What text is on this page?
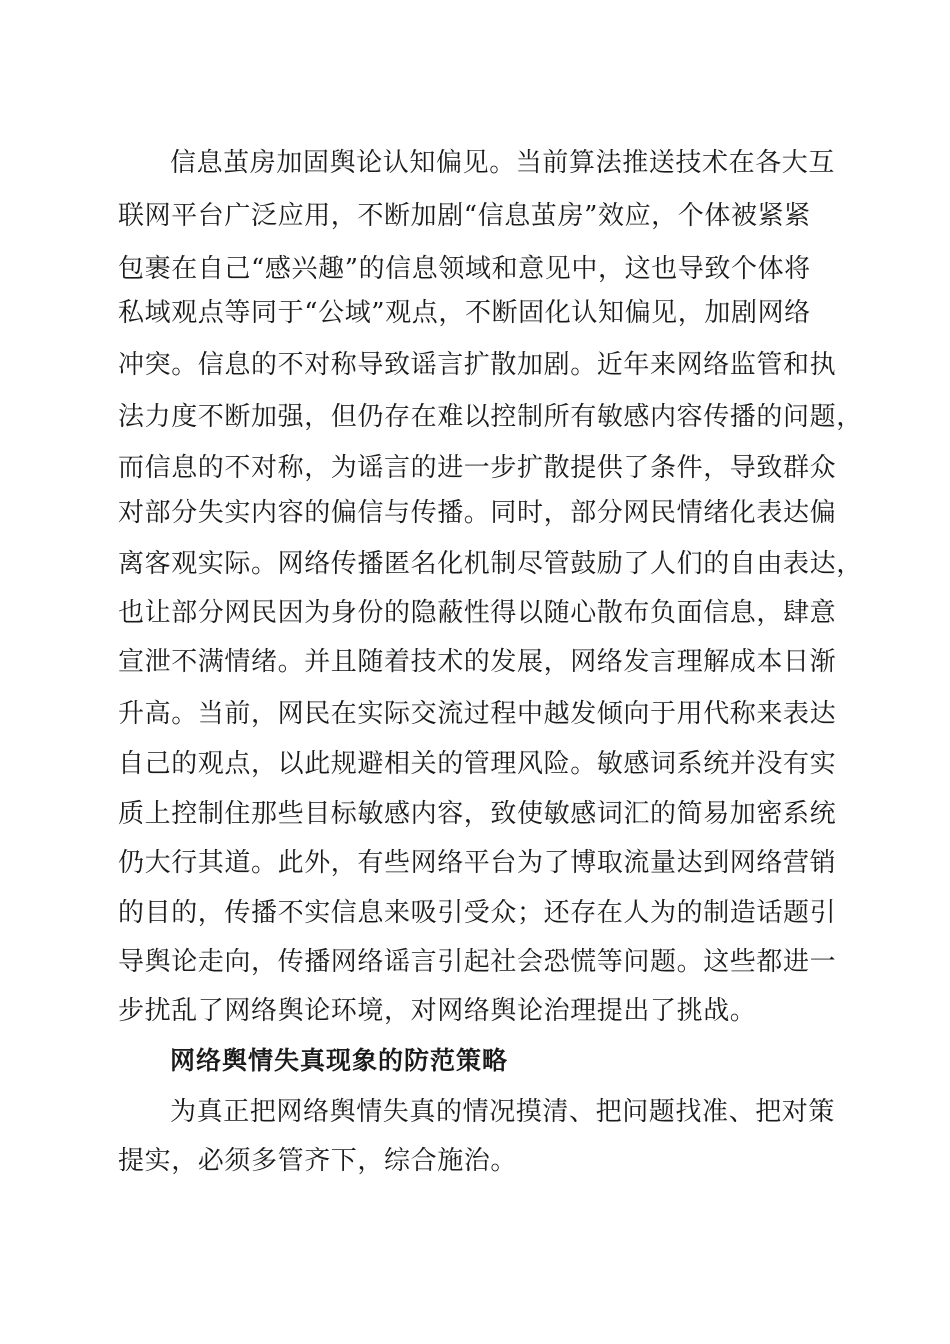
信息茧房加固舆论认知偏见。当前算法推送技术在各大互
联网平台广泛应用，不断加剧“信息茧房”效应，个体被紧紧
包裹在自己“感兴趣”的信息领域和意见中，这也导致个体将
私域观点等同于“公域”观点，不断固化认知偏见，加剧网络
冲突。信息的不对称导致谣言扩散加剧。近年来网络监管和执
法力度不断加强，但仍存在难以控制所有敏感内容传播的问题，
而信息的不对称，为谣言的进一步扩散提供了条件，导致群众
对部分失实内容的偏信与传播。同时，部分网民情绪化表达偏
离客观实际。网络传播匿名化机制尽管鼓励了人们的自由表达，
也让部分网民因为身份的隐蔽性得以随心散布负面信息，肆意
宣泄不满情绪。并且随着技术的发展，网络发言理解成本日渐
升高。当前，网民在实际交流过程中越发倾向于用代称来表达
自己的观点，以此规避相关的管理风险。敏感词系统并没有实
质上控制住那些目标敏感内容，致使敏感词汇的简易加密系统
仍大行其道。此外，有些网络平台为了博取流量达到网络营销
的目的，传播不实信息来吸引受众；还存在人为的制造话题引
导舆论走向，传播网络谣言引起社会恐慌等问题。这些都进一
步扰乱了网络舆论环境，对网络舆论治理提出了挑战。
网络舆情失真现象的防范策略
为真正把网络舆情失真的情况摸清、把问题找准、把对策
提实，必须多管齐下，综合施治。
